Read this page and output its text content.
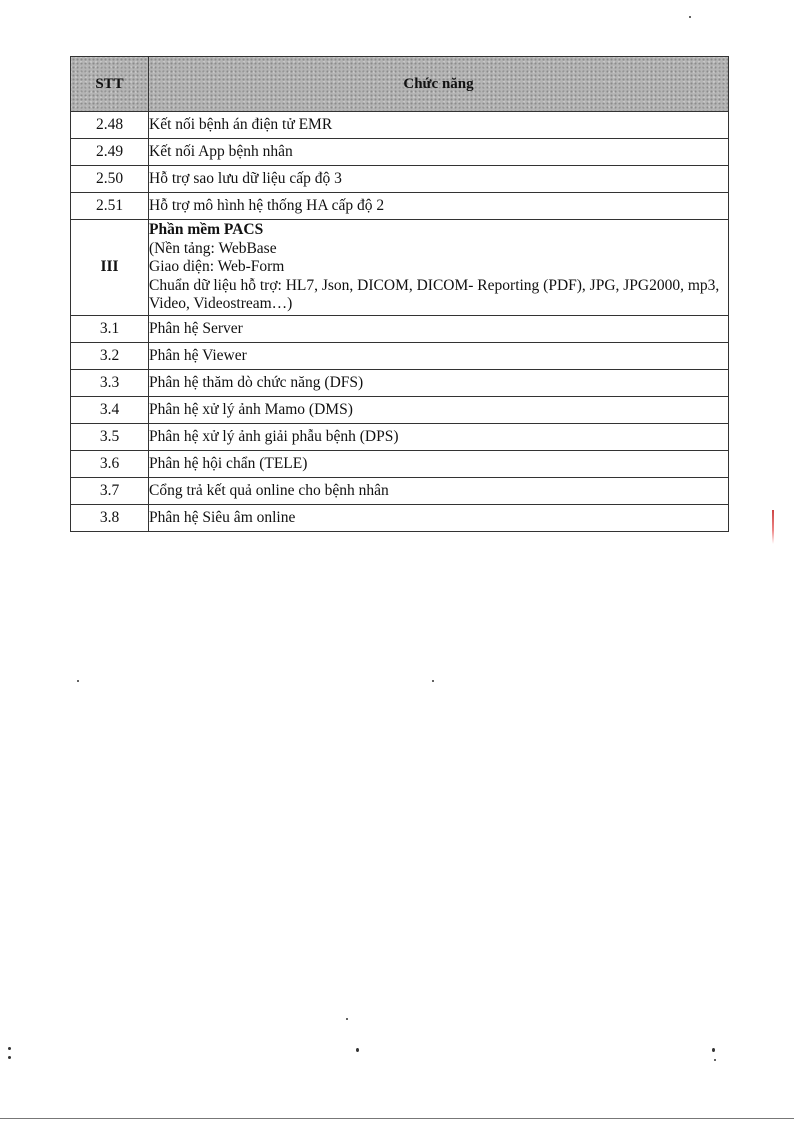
STT	Chức năng
2.48	Kết nối bệnh án điện tử EMR
2.49	Kết nối App bệnh nhân
2.50	Hỗ trợ sao lưu dữ liệu cấp độ 3
2.51	Hỗ trợ mô hình hệ thống HA cấp độ 2
III	Phần mềm PACS
(Nền tảng: WebBase
Giao diện: Web-Form
Chuẩn dữ liệu hỗ trợ: HL7, Json, DICOM, DICOM- Reporting (PDF), JPG, JPG2000, mp3, Video, Videostream…)

3.1	Phân hệ Server
3.2	Phân hệ Viewer
3.3	Phân hệ thăm dò chức năng (DFS)
3.4	Phân hệ xử lý ảnh Mamo (DMS)
3.5	Phân hệ xử lý ảnh giải phẫu bệnh (DPS)
3.6	Phân hệ hội chẩn (TELE)
3.7	Cổng trả kết quả online cho bệnh nhân
3.8	Phân hệ Siêu âm online
